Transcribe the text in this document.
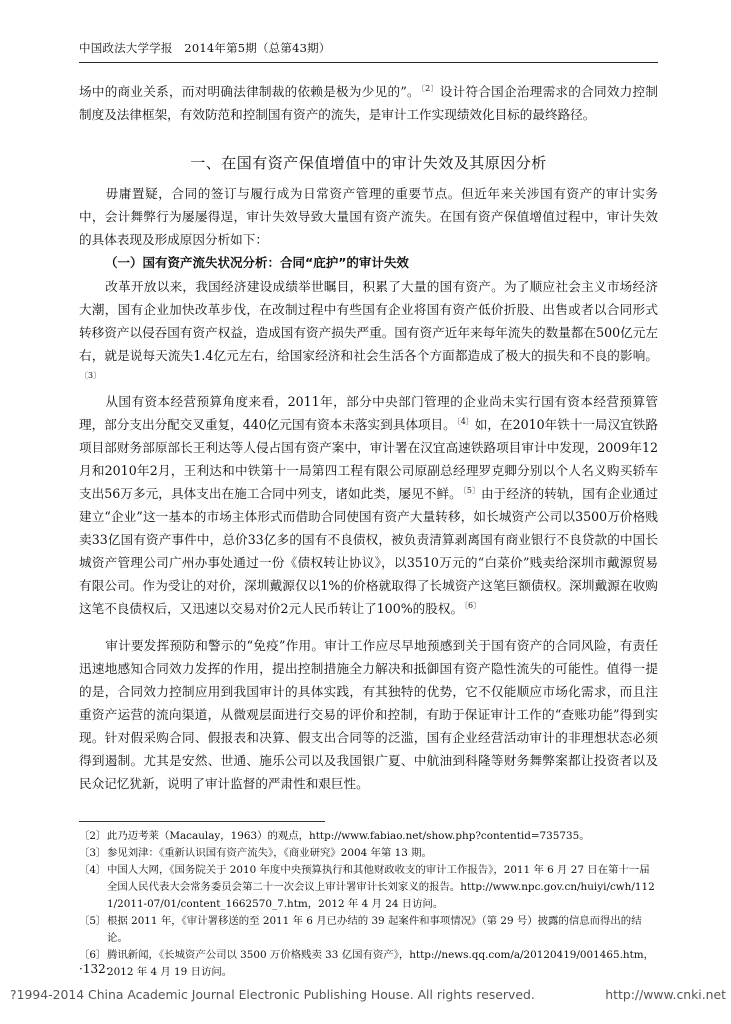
中国政法大学学报　2014年第5期（总第43期）

场中的商业关系，而对明确法律制裁的依赖是极为少见的”。$^{〔2〕}$设计符合国企治理需求的合同效力控制制度及法律框架，有效防范和控制国有资产的流失，是审计工作实现绩效化目标的最终路径。

一、在国有资产保值增值中的审计失效及其原因分析

毋庸置疑，合同的签订与履行成为日常资产管理的重要节点。但近年来关涉国有资产的审计实务中，会计舞弊行为屡屡得逞，审计失效导致大量国有资产流失。在国有资产保值增值过程中，审计失效的具体表现及形成原因分析如下：

（一）国有资产流失状况分析：合同“庇护”的审计失效

改革开放以来，我国经济建设成绩举世瞩目，积累了大量的国有资产。为了顺应社会主义市场经济大潮，国有企业加快改革步伐，在改制过程中有些国有企业将国有资产低价折股、出售或者以合同形式转移资产以侵吞国有资产权益，造成国有资产损失严重。国有资产近年来每年流失的数量都在500亿元左右，就是说每天流失1.4亿元左右，给国家经济和社会生活各个方面都造成了极大的损失和不良的影响。$^{〔3〕}$

从国有资本经营预算角度来看，2011年，部分中央部门管理的企业尚未实行国有资本经营预算管理，部分支出分配交叉重复，440亿元国有资本未落实到具体项目。$^{〔4〕}$如，在2010年铁十一局汉宜铁路项目部财务部原部长王利达等人侵占国有资产案中，审计署在汉宜高速铁路项目审计中发现，2009年12月和2010年2月，王利达和中铁第十一局第四工程有限公司原副总经理罗克卿分别以个人名义购买轿车支出56万多元，具体支出在施工合同中列支，诸如此类，屡见不鲜。$^{〔5〕}$由于经济的转轨，国有企业通过建立“企业”这一基本的市场主体形式而借助合同使国有资产大量转移，如长城资产公司以3500万价格贱卖33亿国有资产事件中，总价33亿多的国有不良债权，被负责清算剥离国有商业银行不良贷款的中国长城资产管理公司广州办事处通过一份《债权转让协议》，以3510万元的“白菜价”贱卖给深圳市戴源贸易有限公司。作为受让的对价，深圳戴源仅以1%的价格就取得了长城资产这笔巨额债权。深圳戴源在收购这笔不良债权后，又迅速以交易对价2元人民币转让了100%的股权。$^{〔6〕}$

审计要发挥预防和警示的“免疫”作用。审计工作应尽早地预感到关于国有资产的合同风险，有责任迅速地感知合同效力发挥的作用，提出控制措施全力解决和抵御国有资产隐性流失的可能性。值得一提的是，合同效力控制应用到我国审计的具体实践，有其独特的优势，它不仅能顺应市场化需求，而且注重资产运营的流向渠道，从微观层面进行交易的评价和控制，有助于保证审计工作的“查账功能”得到实现。针对假采购合同、假报表和决算、假支出合同等的泛滥，国有企业经营活动审计的非理想状态必须得到遏制。尤其是安然、世通、施乐公司以及我国银广夏、中航油到科隆等财务舞弊案都让投资者以及民众记忆犹新，说明了审计监督的严肃性和艰巨性。

〔2〕 此乃迈考莱（Macaulay，1963）的观点，http://www.fabiao.net/show.php?contentid=735735。

〔3〕 参见刘津：《重新认识国有资产流失》，《商业研究》2004 年第 13 期。

〔4〕 中国人大网，《国务院关于 2010 年度中央预算执行和其他财政收支的审计工作报告》，2011 年 6 月 27 日在第十一届全国人民代表大会常务委员会第二十一次会议上审计署审计长刘家义的报告。http://www.npc.gov.cn/huiyi/cwh/1121/2011-07/01/content_1662570_7.htm，2012 年 4 月 24 日访问。

〔5〕 根据 2011 年，《审计署移送的至 2011 年 6 月已办结的 39 起案件和事项情况》（第 29 号）披露的信息而得出的结论。

〔6〕 腾讯新闻，《长城资产公司以 3500 万价格贱卖 33 亿国有资产》，http://news.qq.com/a/20120419/001465.htm，2012 年 4 月 19 日访问。

·132·
?1994-2014 China Academic Journal Electronic Publishing House. All rights reserved.	http://www.cnki.net
